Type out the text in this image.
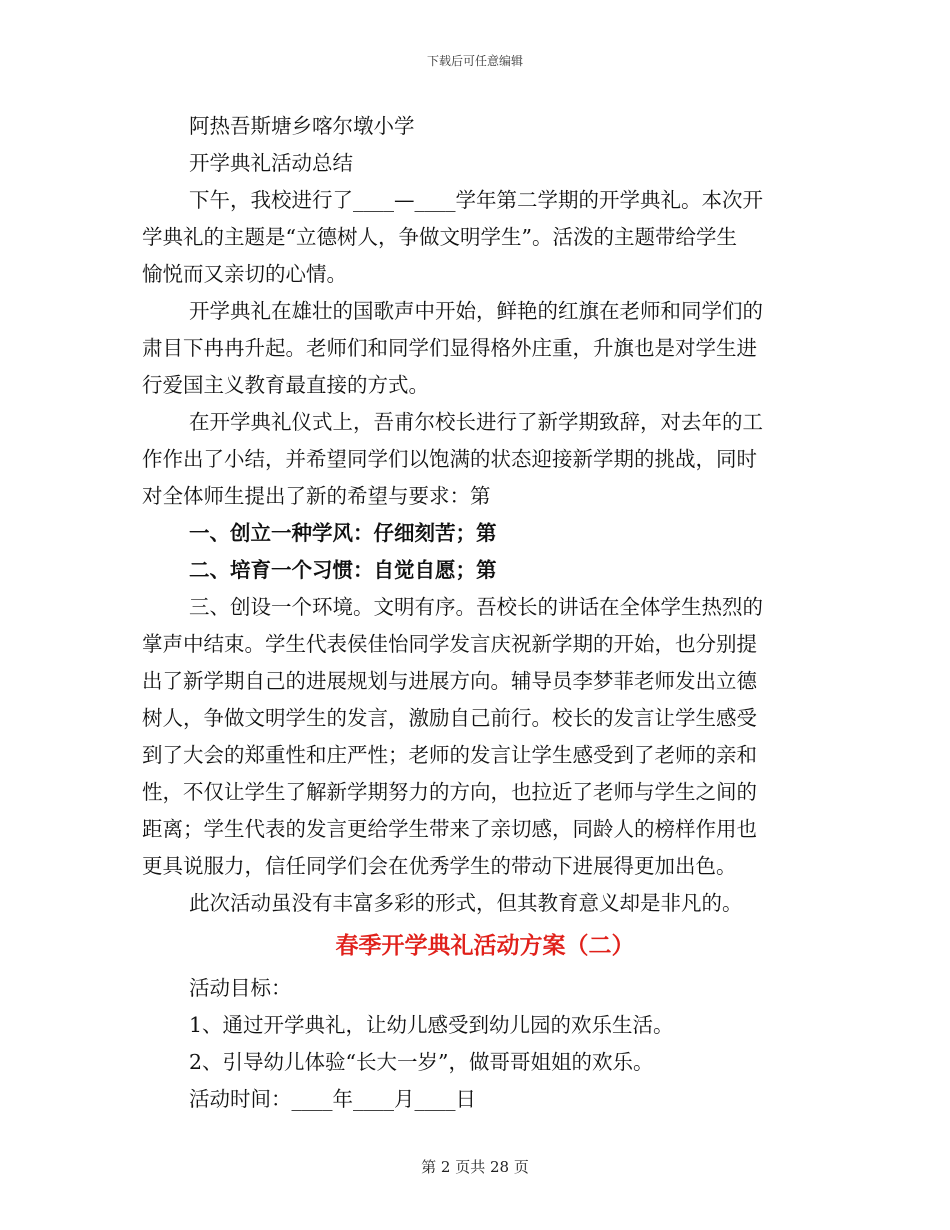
下载后可任意编辑

阿热吾斯塘乡喀尔墩小学

开学典礼活动总结

下午，我校进行了____—____学年第二学期的开学典礼。本次开

学典礼的主题是“立德树人，争做文明学生”。活泼的主题带给学生

愉悦而又亲切的心情。

开学典礼在雄壮的国歌声中开始，鲜艳的红旗在老师和同学们的

肃目下冉冉升起。老师们和同学们显得格外庄重，升旗也是对学生进

行爱国主义教育最直接的方式。

在开学典礼仪式上，吾甫尔校长进行了新学期致辞，对去年的工

作作出了小结，并希望同学们以饱满的状态迎接新学期的挑战，同时

对全体师生提出了新的希望与要求：第

一、创立一种学风：仔细刻苦；第

二、培育一个习惯：自觉自愿；第

三、创设一个环境。文明有序。吾校长的讲话在全体学生热烈的

掌声中结束。学生代表侯佳怡同学发言庆祝新学期的开始，也分别提

出了新学期自己的进展规划与进展方向。辅导员李梦菲老师发出立德

树人，争做文明学生的发言，激励自己前行。校长的发言让学生感受

到了大会的郑重性和庄严性；老师的发言让学生感受到了老师的亲和

性，不仅让学生了解新学期努力的方向，也拉近了老师与学生之间的

距离；学生代表的发言更给学生带来了亲切感，同龄人的榜样作用也

更具说服力，信任同学们会在优秀学生的带动下进展得更加出色。

此次活动虽没有丰富多彩的形式，但其教育意义却是非凡的。

春季开学典礼活动方案（二）

活动目标：

1、通过开学典礼，让幼儿感受到幼儿园的欢乐生活。

2、引导幼儿体验“长大一岁”，做哥哥姐姐的欢乐。

活动时间：____年____月____日

第 2 页共 28 页
